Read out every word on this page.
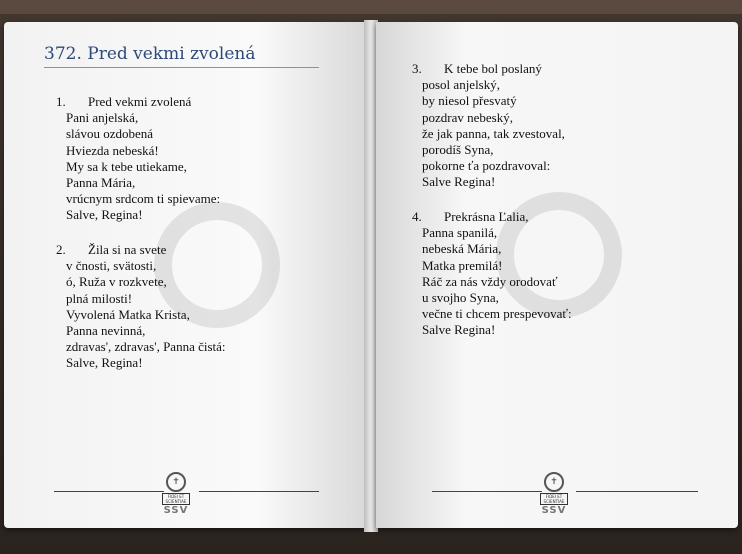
372. Pred vekmi zvolená
1. Pred vekmi zvolená
Pani anjelská,
slávou ozdobená
Hviezda nebeská!
My sa k tebe utiekame,
Panna Mária,
vrúcnym srdcom ti spievame:
Salve, Regina!
2. Žila si na svete
v čnosti, svätosti,
ó, Ruža v rozkvete,
plná milosti!
Vyvolená Matka Krista,
Panna nevinná,
zdravas', zdravas', Panna čistá:
Salve, Regina!
✝
FIDEI ET SCIENTIAE
SSV
3. K tebe bol poslaný
posol anjelský,
by niesol přesvatý
pozdrav nebeský,
že jak panna, tak zvestoval,
porodíš Syna,
pokorne ťa pozdravoval:
Salve Regina!
4. Prekrásna Ľalia,
Panna spanilá,
nebeská Mária,
Matka premilá!
Ráč za nás vždy orodovať
u svojho Syna,
večne ti chcem prespevovať:
Salve Regina!
✝
FIDEI ET SCIENTIAE
SSV
